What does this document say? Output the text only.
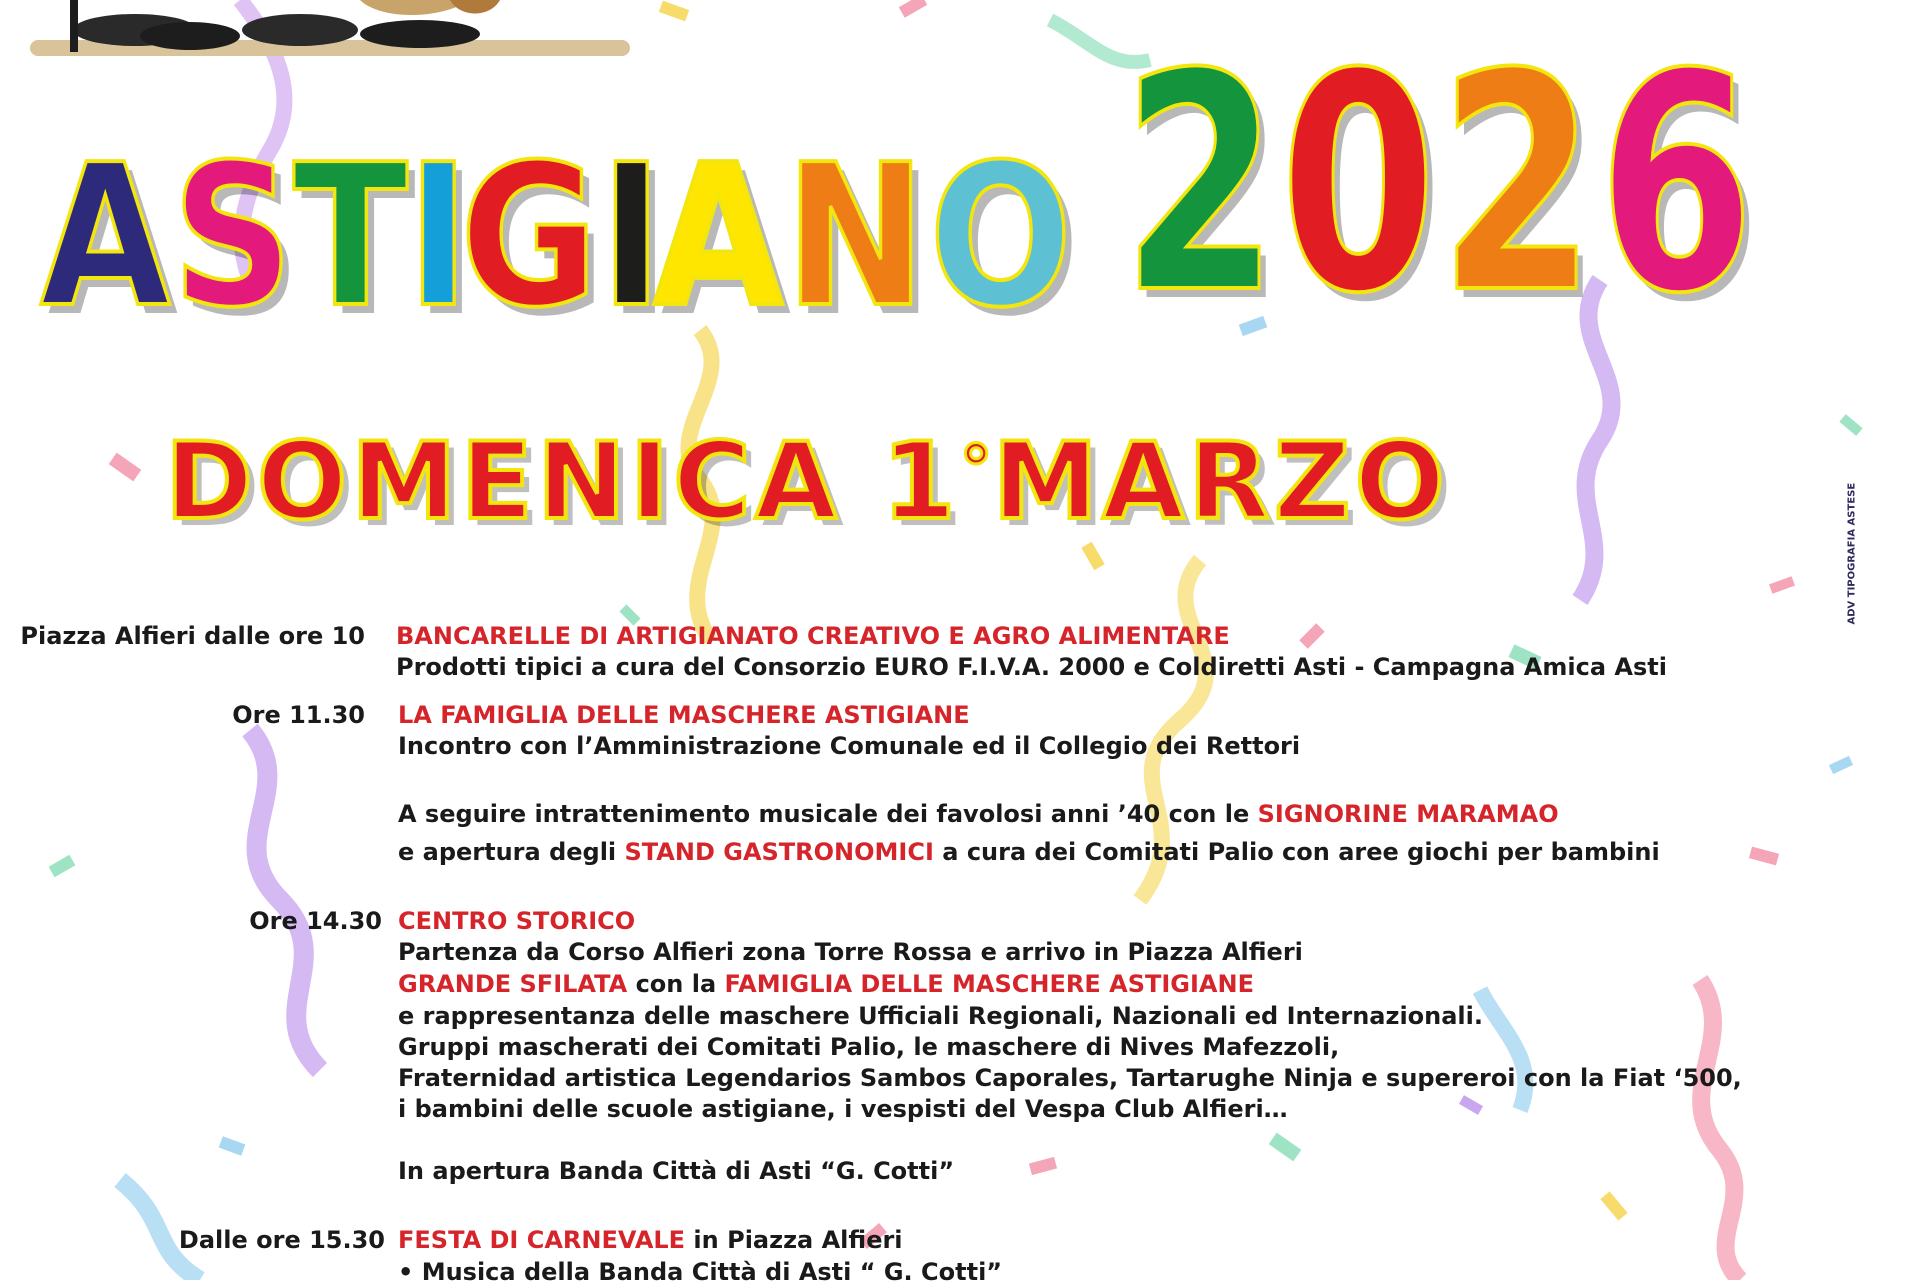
A S T
I
G I
A N O 2 0 2 6
DOMENICA 1° MARZO
ADV TIPOGRAFIA ASTESE
Piazza Alfieri dalle ore 10 BANCARELLE DI ARTIGIANATO CREATIVO E AGRO ALIMENTARE
Prodotti tipici a cura del Consorzio EURO F.I.V.A. 2000 e Coldiretti Asti - Campagna Amica Asti
Ore 11.30 LA FAMIGLIA DELLE MASCHERE ASTIGIANE
Incontro con l’Amministrazione Comunale ed il Collegio dei Rettori
A seguire intrattenimento musicale dei favolosi anni ’40 con le SIGNORINE MARAMAO
e apertura degli STAND GASTRONOMICI a cura dei Comitati Palio con aree giochi per bambini
Ore 14.30 CENTRO STORICO
Partenza da Corso Alfieri zona Torre Rossa e arrivo in Piazza Alfieri
GRANDE SFILATA con la FAMIGLIA DELLE MASCHERE ASTIGIANE
e rappresentanza delle maschere Ufficiali Regionali, Nazionali ed Internazionali.
Gruppi mascherati dei Comitati Palio, le maschere di Nives Mafezzoli,
Fraternidad artistica Legendarios Sambos Caporales, Tartarughe Ninja e supereroi con la Fiat ‘500,
i bambini delle scuole astigiane, i vespisti del Vespa Club Alfieri…
In apertura Banda Città di Asti “G. Cotti”
Dalle ore 15.30 FESTA DI CARNEVALE in Piazza Alfieri
• Musica della Banda Città di Asti “ G. Cotti”
